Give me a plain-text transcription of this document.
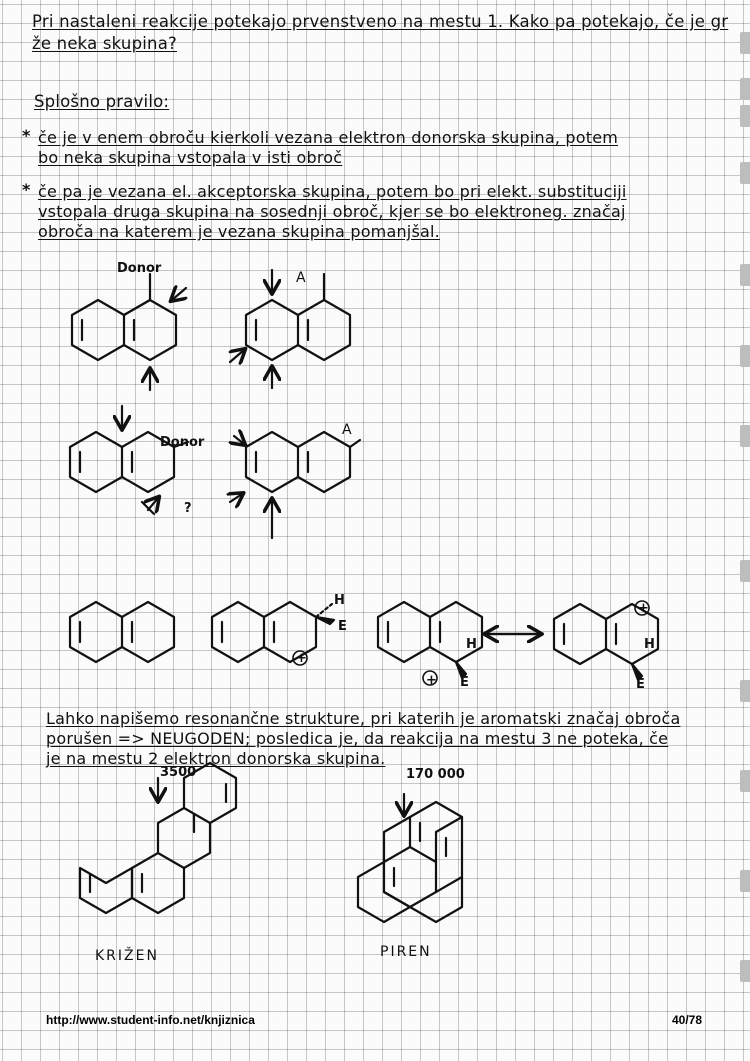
Pri nastaleni reakcije potekajo prvenstveno na mestu 1. Kako pa potekajo, če je gr
že neka skupina?
Splošno pravilo:
* če je v enem obroču kierkoli vezana elektron donorska skupina, potem
bo neka skupina vstopala v isti obroč
* če pa je vezana el. akceptorska skupina, potem bo pri elekt. substituciji
vstopala druga skupina na sosednji obroč, kjer se bo elektroneg. značaj
obroča na katerem je vezana skupina pomanjšal.
Donor
A
Donor
?
A
H
E
+
H
E
+
H
E
+
3500
KRIŽEN
170 000
PIREN
Lahko napišemo resonančne strukture, pri katerih je aromatski značaj obroča
porušen => NEUGODEN; posledica je, da reakcija na mestu 3 ne poteka, če
je na mestu 2 elektron donorska skupina.
http://www.student-info.net/knjiznica	40/78
